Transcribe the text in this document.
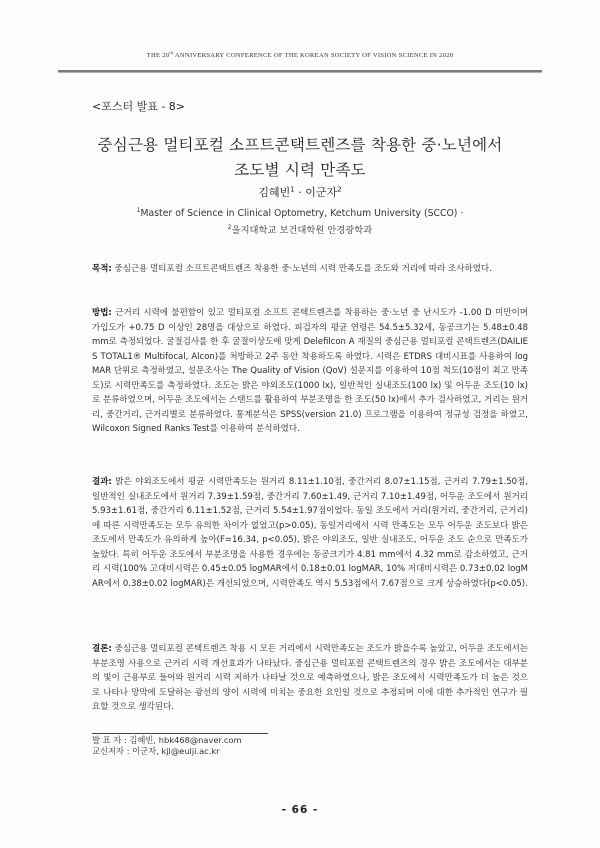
THE 20th ANNIVERSARY CONFERENCE OF THE KOREAN SOCIETY OF VISION SCIENCE IN 2020
<포스터 발표 - 8>
중심근용 멀티포컬 소프트콘택트렌즈를 착용한 중·노년에서
조도별 시력 만족도
김혜빈$^1$ · 이군자$^2$
$^1$Master of Science in Clinical Optometry, Ketchum University (SCCO) ·
$^2$을지대학교 보건대학원 안경광학과
목적: 중심근용 멀티포컬 소프트콘택트렌즈 착용한 중·노년의 시력 만족도를 조도와 거리에 따라 조사하였다.
방법: 근거리 시력에 불편함이 있고 멀티포컬 소프트 콘택트렌즈를 착용하는 중·노년 중 난시도가 -1.00 D 미만이며 가입도가 +0.75 D 이상인 28명을 대상으로 하였다. 피검자의 평균 연령은 54.5±5.32세, 동공크기는 5.48±0.48 mm로 측정되었다. 굴절검사를 한 후 굴절이상도에 맞게 Delefilcon A 재질의 중심근용 멀티포컬 콘택트렌즈(DAILIES TOTAL1® Multifocal, Alcon)를 처방하고 2주 동안 착용하도록 하였다. 시력은 ETDRS 대비시표를 사용하여 logMAR 단위로 측정하였고, 설문조사는 The Quality of Vision (QoV) 설문지를 이용하여 10점 척도(10점이 최고 만족도)로 시력만족도를 측정하였다. 조도는 밝은 야외조도(1000 lx), 일반적인 실내조도(100 lx) 및 어두운 조도(10 lx)로 분류하였으며, 어두운 조도에서는 스탠드를 활용하여 부분조명을 한 조도(50 lx)에서 추가 검사하였고, 거리는 원거리, 중간거리, 근거리별로 분류하였다. 통계분석은 SPSS(version 21.0) 프로그램을 이용하여 정규성 검정을 하였고, Wilcoxon Signed Ranks Test를 이용하여 분석하였다.
결과: 밝은 야외조도에서 평균 시력만족도는 원거리 8.11±1.10점, 중간거리 8.07±1.15점, 근거리 7.79±1.50점, 일반적인 실내조도에서 원거리 7.39±1.59점, 중간거리 7.60±1.49, 근거리 7.10±1.49점, 어두운 조도에서 원거리 5.93±1.61점, 중간거리 6.11±1.52점, 근거리 5.54±1.97점이었다. 동일 조도에서 거리(원거리, 중간거리, 근거리)에 따른 시력만족도는 모두 유의한 차이가 없었고(p>0.05), 동일거리에서 시력 만족도는 모두 어두운 조도보다 밝은 조도에서 만족도가 유의하게 높아(F=16.34, p<0.05), 밝은 야외조도, 일반 실내조도, 어두운 조도 순으로 만족도가 높았다. 특히 어두운 조도에서 부분조명을 사용한 경우에는 동공크기가 4.81 mm에서 4.32 mm로 감소하였고, 근거리 시력(100% 고대비시력은 0.45±0.05 logMAR에서 0.18±0.01 logMAR, 10% 저대비시력은 0.73±0.02 logMAR에서 0.38±0.02 logMAR)은 개선되었으며, 시력만족도 역시 5.53점에서 7.67점으로 크게 상승하였다(p<0.05).
결론: 중심근용 멀티포컬 콘택트렌즈 착용 시 모든 거리에서 시력만족도는 조도가 밝을수록 높았고, 어두운 조도에서는 부분조명 사용으로 근거리 시력 개선효과가 나타났다. 중심근용 멀티포컬 콘택트렌즈의 경우 밝은 조도에서는 대부분의 빛이 근용부로 들어와 원거리 시력 저하가 나타날 것으로 예측하였으나, 밝은 조도에서 시력만족도가 더 높은 것으로 나타나 망막에 도달하는 광선의 양이 시력에 미치는 중요한 요인일 것으로 추정되며 이에 대한 추가적인 연구가 필요할 것으로 생각된다.
발 표 자 : 김혜빈, hbk468@naver.com
교신저자 : 이군자, kjl@eulji.ac.kr
- 66 -
